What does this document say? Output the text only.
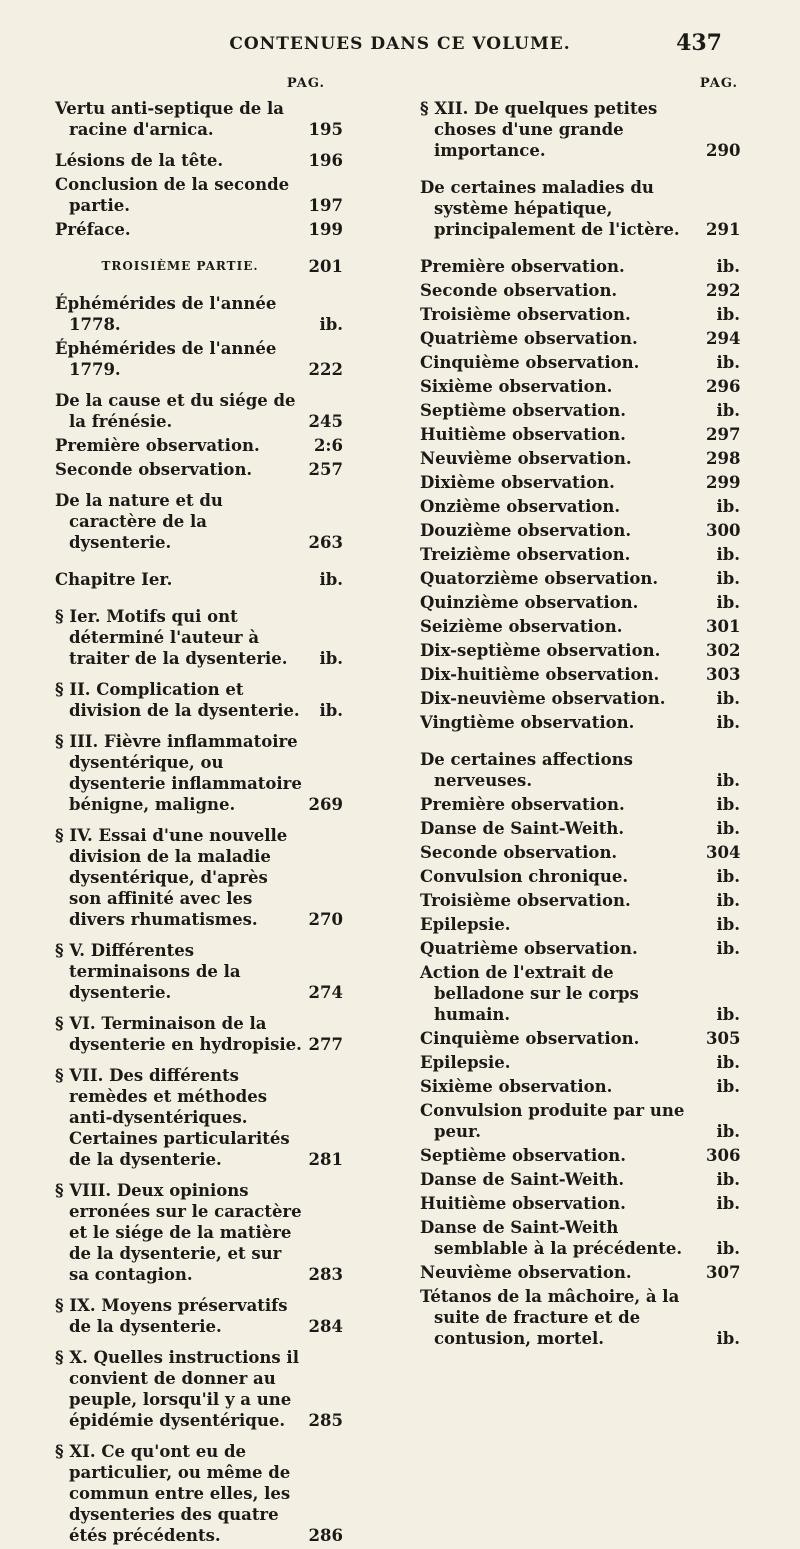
CONTENUES DANS CE VOLUME.	437
PAG.
Vertu anti-septique de la racine d'arnica.	195
Lésions de la tête.	196
Conclusion de la seconde partie.	197
Préface.	199
TROISIÈME PARTIE.	201
Éphémérides de l'année 1778.	ib.
Éphémérides de l'année 1779.	222
De la cause et du siége de la frénésie.	245
Première observation.	2:6
Seconde observation.	257
De la nature et du caractère de la dysenterie.	263
Chapitre Ier.	ib.
§ Ier. Motifs qui ont déterminé l'auteur à traiter de la dysenterie.	ib.
§ II. Complication et division de la dysenterie.	ib.
§ III. Fièvre inflammatoire dysentérique, ou dysenterie inflammatoire bénigne, maligne.	269
§ IV. Essai d'une nouvelle division de la maladie dysentérique, d'après son affinité avec les divers rhumatismes.	270
§ V. Différentes terminaisons de la dysenterie.	274
§ VI. Terminaison de la dysenterie en hydropisie. 277
§ VII. Des différents remèdes et méthodes anti-dysentériques. Certaines particularités de la dysenterie.	281
§ VIII. Deux opinions erronées sur le caractère et le siége de la matière de la dysenterie, et sur sa contagion.	283
§ IX. Moyens préservatifs de la dysenterie.	284
§ X. Quelles instructions il convient de donner au peuple, lorsqu'il y a une épidémie dysentérique.	285
§ XI. Ce qu'ont eu de particulier, ou même de commun entre elles, les dysenteries des quatre étés précédents.	286
PAG.
§ XII. De quelques petites choses d'une grande importance.	290
De certaines maladies du système hépatique, principalement de l'ictère.	291
Première observation.	ib.
Seconde observation.	292
Troisième observation.	ib.
Quatrième observation.	294
Cinquième observation.	ib.
Sixième observation.	296
Septième observation.	ib.
Huitième observation.	297
Neuvième observation.	298
Dixième observation.	299
Onzième observation.	ib.
Douzième observation.	300
Treizième observation.	ib.
Quatorzième observation.	ib.
Quinzième observation.	ib.
Seizième observation.	301
Dix-septième observation.	302
Dix-huitième observation.	303
Dix-neuvième observation.	ib.
Vingtième observation.	ib.
De certaines affections nerveuses.	ib.
Première observation.	ib.
Danse de Saint-Weith.	ib.
Seconde observation.	304
Convulsion chronique.	ib.
Troisième observation.	ib.
Epilepsie.	ib.
Quatrième observation.	ib.
Action de l'extrait de belladone sur le corps humain.	ib.
Cinquième observation.	305
Epilepsie.	ib.
Sixième observation.	ib.
Convulsion produite par une peur.	ib.
Septième observation.	306
Danse de Saint-Weith.	ib.
Huitième observation.	ib.
Danse de Saint-Weith semblable à la précédente.	ib.
Neuvième observation.	307
Tétanos de la mâchoire, à la suite de fracture et de contusion, mortel.	ib.
